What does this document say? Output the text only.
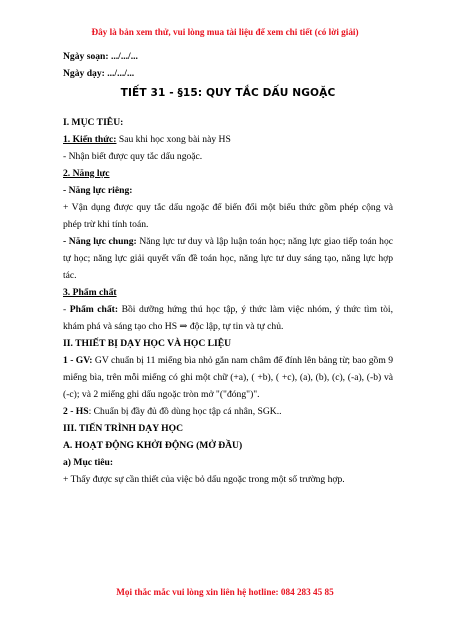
Đây là bản xem thử, vui lòng mua tài liệu để xem chi tiết (có lời giải)
Ngày soạn: .../.../...
Ngày dạy: .../.../...
TIẾT 31 - §15: QUY TẮC DẤU NGOẶC
I. MỤC TIÊU:
1. Kiến thức: Sau khi học xong bài này HS
- Nhận biết được quy tắc dấu ngoặc.
2. Năng lực
- Năng lực riêng:
+ Vận dụng được quy tắc dấu ngoặc để biến đổi một biểu thức gồm phép cộng và phép trừ khi tính toán.
- Năng lực chung: Năng lực tư duy và lập luận toán học; năng lực giao tiếp toán học tự học; năng lực giải quyết vấn đề toán học, năng lực tư duy sáng tạo, năng lực hợp tác.
3. Phẩm chất
- Phẩm chất: Bồi dưỡng hứng thú học tập, ý thức làm việc nhóm, ý thức tìm tòi, khám phá và sáng tạo cho HS ⇒ độc lập, tự tin và tự chủ.
II. THIẾT BỊ DẠY HỌC VÀ HỌC LIỆU
1 - GV: GV chuẩn bị 11 miếng bìa nhỏ gắn nam châm để đính lên bảng từ; bao gồm 9 miếng bìa, trên mỗi miếng có ghi một chữ (+a), ( +b), ( +c), (a), (b), (c), (-a), (-b) và (-c); và 2 miếng ghi dấu ngoặc tròn mở "("đóng")".
2 - HS: Chuẩn bị đầy đủ đồ dùng học tập cá nhân, SGK..
III. TIẾN TRÌNH DẠY HỌC
A. HOẠT ĐỘNG KHỞI ĐỘNG (MỞ ĐẦU)
a) Mục tiêu:
+ Thấy được sự cần thiết của việc bỏ dấu ngoặc trong một số trường hợp.
Mọi thắc mắc vui lòng xin liên hệ hotline: 084 283 45 85
